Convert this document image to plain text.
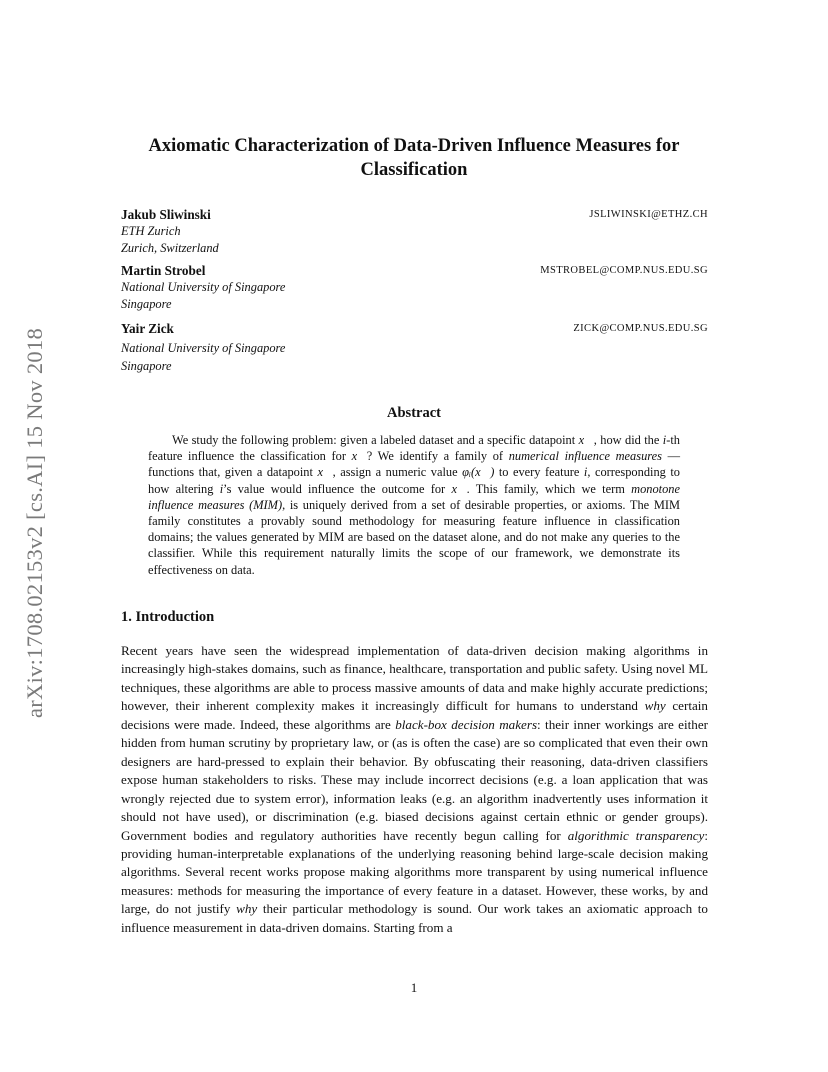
arXiv:1708.02153v2 [cs.AI] 15 Nov 2018
Axiomatic Characterization of Data-Driven Influence Measures for Classification
Jakub Sliwinski	JSLIWINSKI@ETHZ.CH
ETH Zurich
Zurich, Switzerland
Martin Strobel	MSTROBEL@COMP.NUS.EDU.SG
National University of Singapore
Singapore
Yair Zick	ZICK@COMP.NUS.EDU.SG
National University of Singapore
Singapore
Abstract

We study the following problem: given a labeled dataset and a specific datapoint x⃗, how did the i-th feature influence the classification for x⃗? We identify a family of numerical influence measures — functions that, given a datapoint x⃗, assign a numeric value φᵢ(x⃗) to every feature i, corresponding to how altering i’s value would influence the outcome for x⃗. This family, which we term monotone influence measures (MIM), is uniquely derived from a set of desirable properties, or axioms. The MIM family constitutes a provably sound methodology for measuring feature influence in classification domains; the values generated by MIM are based on the dataset alone, and do not make any queries to the classifier. While this requirement naturally limits the scope of our framework, we demonstrate its effectiveness on data.

1. Introduction

Recent years have seen the widespread implementation of data-driven decision making algorithms in increasingly high-stakes domains, such as finance, healthcare, transportation and public safety. Using novel ML techniques, these algorithms are able to process massive amounts of data and make highly accurate predictions; however, their inherent complexity makes it increasingly difficult for humans to understand why certain decisions were made. Indeed, these algorithms are black-box decision makers: their inner workings are either hidden from human scrutiny by proprietary law, or (as is often the case) are so complicated that even their own designers are hard-pressed to explain their behavior. By obfuscating their reasoning, data-driven classifiers expose human stakeholders to risks. These may include incorrect decisions (e.g. a loan application that was wrongly rejected due to system error), information leaks (e.g. an algorithm inadvertently uses information it should not have used), or discrimination (e.g. biased decisions against certain ethnic or gender groups). Government bodies and regulatory authorities have recently begun calling for algorithmic transparency: providing human-interpretable explanations of the underlying reasoning behind large-scale decision making algorithms. Several recent works propose making algorithms more transparent by using numerical influence measures: methods for measuring the importance of every feature in a dataset. However, these works, by and large, do not justify why their particular methodology is sound. Our work takes an axiomatic approach to influence measurement in data-driven domains. Starting from a

1
